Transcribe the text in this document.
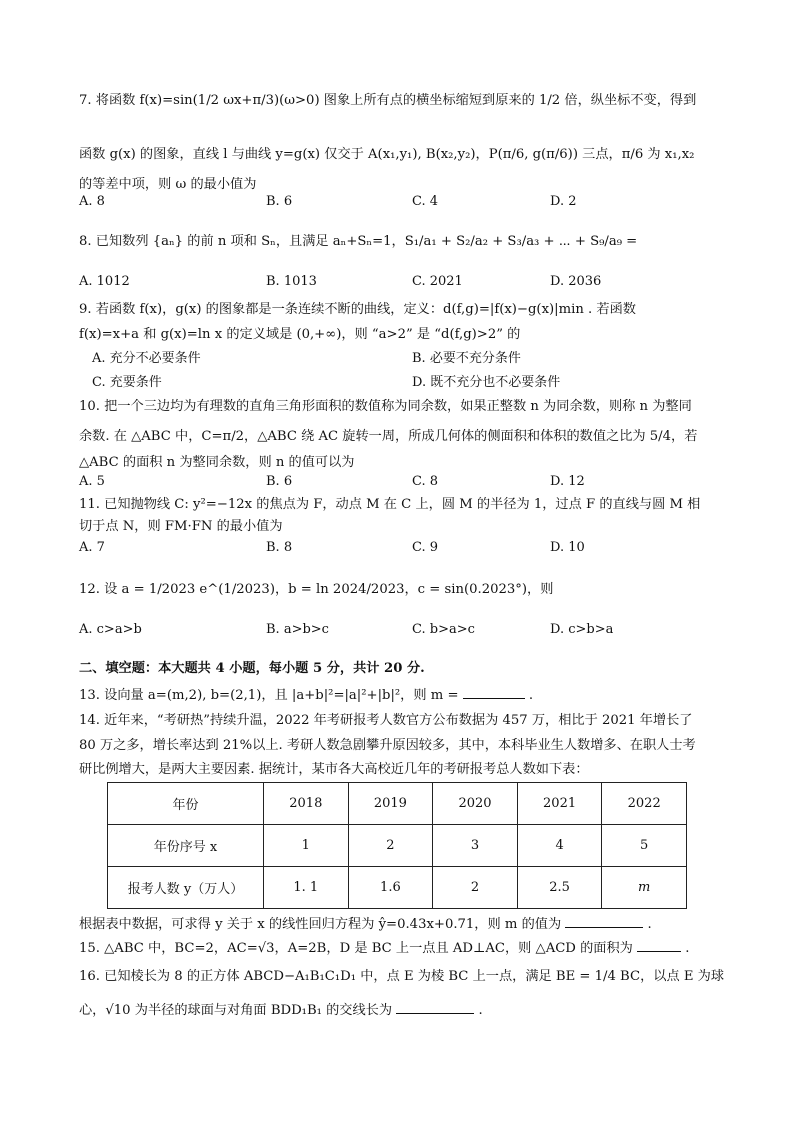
7. 将函数 f(x)=sin(1/2 ωx+π/3)(ω>0) 图象上所有点的横坐标缩短到原来的 1/2 倍，纵坐标不变，得到
函数 g(x) 的图象，直线 l 与曲线 y=g(x) 仅交于 A(x₁,y₁), B(x₂,y₂)，P(π/6, g(π/6)) 三点，π/6 为 x₁,x₂
的等差中项，则 ω 的最小值为
A. 8	B. 6	C. 4	D. 2
8. 已知数列 {aₙ} 的前 n 项和 Sₙ，且满足 aₙ+Sₙ=1，S₁/a₁ + S₂/a₂ + S₃/a₃ + ⋯ + S₉/a₉ =
A. 1012	B. 1013	C. 2021	D. 2036
9. 若函数 f(x)，g(x) 的图象都是一条连续不断的曲线，定义：d(f,g)=|f(x)−g(x)|min . 若函数
f(x)=x+a 和 g(x)=ln x 的定义域是 (0,+∞)，则 “a>2” 是 “d(f,g)>2” 的
A. 充分不必要条件	B. 必要不充分条件
C. 充要条件	D. 既不充分也不必要条件
10. 把一个三边均为有理数的直角三角形面积的数值称为同余数，如果正整数 n 为同余数，则称 n 为整同
余数. 在 △ABC 中，C=π/2，△ABC 绕 AC 旋转一周，所成几何体的侧面积和体积的数值之比为 5/4，若
△ABC 的面积 n 为整同余数，则 n 的值可以为
A. 5	B. 6	C. 8	D. 12
11. 已知抛物线 C: y²=−12x 的焦点为 F，动点 M 在 C 上，圆 M 的半径为 1，过点 F 的直线与圆 M 相
切于点 N，则 FM·FN 的最小值为
A. 7	B. 8	C. 9	D. 10
12. 设 a = 1/2023 e^(1/2023)，b = ln 2024/2023，c = sin(0.2023°)，则
A. c>a>b	B. a>b>c	C. b>a>c	D. c>b>a
二、填空题：本大题共 4 小题，每小题 5 分，共计 20 分.
13. 设向量 a=(m,2), b=(2,1)，且 |a+b|²=|a|²+|b|²，则 m =	.
14. 近年来，“考研热”持续升温，2022 年考研报考人数官方公布数据为 457 万，相比于 2021 年增长了
80 万之多，增长率达到 21%以上. 考研人数急剧攀升原因较多，其中，本科毕业生人数增多、在职人士考
研比例增大，是两大主要因素. 据统计，某市各大高校近几年的考研报考总人数如下表：
年份	2018	2019	2020	2021	2022
年份序号 x	1	2	3	4	5
报考人数 y（万人）	1. 1	1.6	2	2.5	m
根据表中数据，可求得 y 关于 x 的线性回归方程为 ŷ=0.43x+0.71，则 m 的值为	.
15. △ABC 中，BC=2，AC=√3，A=2B，D 是 BC 上一点且 AD⊥AC，则 △ACD 的面积为	.
16. 已知棱长为 8 的正方体 ABCD−A₁B₁C₁D₁ 中，点 E 为棱 BC 上一点，满足 BE = 1/4 BC，以点 E 为球
心，√10 为半径的球面与对角面 BDD₁B₁ 的交线长为	.
